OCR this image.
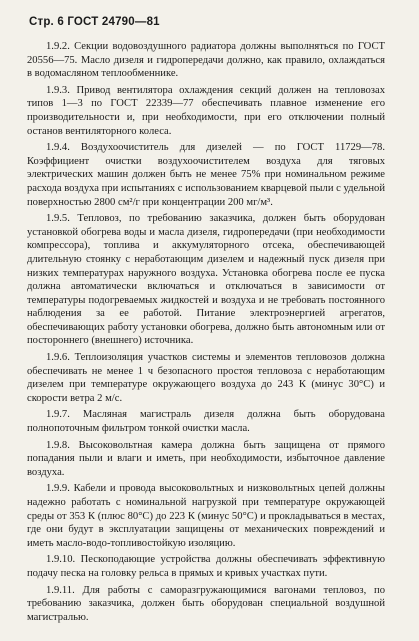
Стр. 6 ГОСТ 24790—81

1.9.2. Секции водовоздушного радиатора должны выполняться по ГОСТ 20556—75. Масло дизеля и гидропередачи должно, как правило, охлаждаться в водомасляном теплообменнике.

1.9.3. Привод вентилятора охлаждения секций должен на тепловозах типов 1—3 по ГОСТ 22339—77 обеспечивать плавное изменение его производительности и, при необходимости, при его отключении полный останов вентиляторного колеса.

1.9.4. Воздухоочиститель для дизелей — по ГОСТ 11729—78. Коэффициент очистки воздухоочистителем воздуха для тяговых электрических машин должен быть не менее 75% при номинальном режиме расхода воздуха при испытаниях с использованием кварцевой пыли с удельной поверхностью 2800 см²/г при концентрации 200 мг/м³.

1.9.5. Тепловоз, по требованию заказчика, должен быть оборудован установкой обогрева воды и масла дизеля, гидропередачи (при необходимости компрессора), топлива и аккумуляторного отсека, обеспечивающей длительную стоянку с неработающим дизелем и надежный пуск дизеля при низких температурах наружного воздуха. Установка обогрева после ее пуска должна автоматически включаться и отключаться в зависимости от температуры подогреваемых жидкостей и воздуха и не требовать постоянного наблюдения за ее работой. Питание электроэнергией агрегатов, обеспечивающих работу установки обогрева, должно быть автономным или от постороннего (внешнего) источника.

1.9.6. Теплоизоляция участков системы и элементов тепловозов должна обеспечивать не менее 1 ч безопасного простоя тепловоза с неработающим дизелем при температуре окружающего воздуха до 243 К (минус 30°С) и скорости ветра 2 м/с.

1.9.7. Масляная магистраль дизеля должна быть оборудована полнопоточным фильтром тонкой очистки масла.

1.9.8. Высоковольтная камера должна быть защищена от прямого попадания пыли и влаги и иметь, при необходимости, избыточное давление воздуха.

1.9.9. Кабели и провода высоковольтных и низковольтных цепей должны надежно работать с номинальной нагрузкой при температуре окружающей среды от 353 К (плюс 80°С) до 223 К (минус 50°С) и прокладываться в местах, где они будут в эксплуатации защищены от механических повреждений и иметь масло-водо-топливостойкую изоляцию.

1.9.10. Пескоподающие устройства должны обеспечивать эффективную подачу песка на головку рельса в прямых и кривых участках пути.

1.9.11. Для работы с саморазгружающимися вагонами тепловоз, по требованию заказчика, должен быть оборудован специальной воздушной магистралью.
